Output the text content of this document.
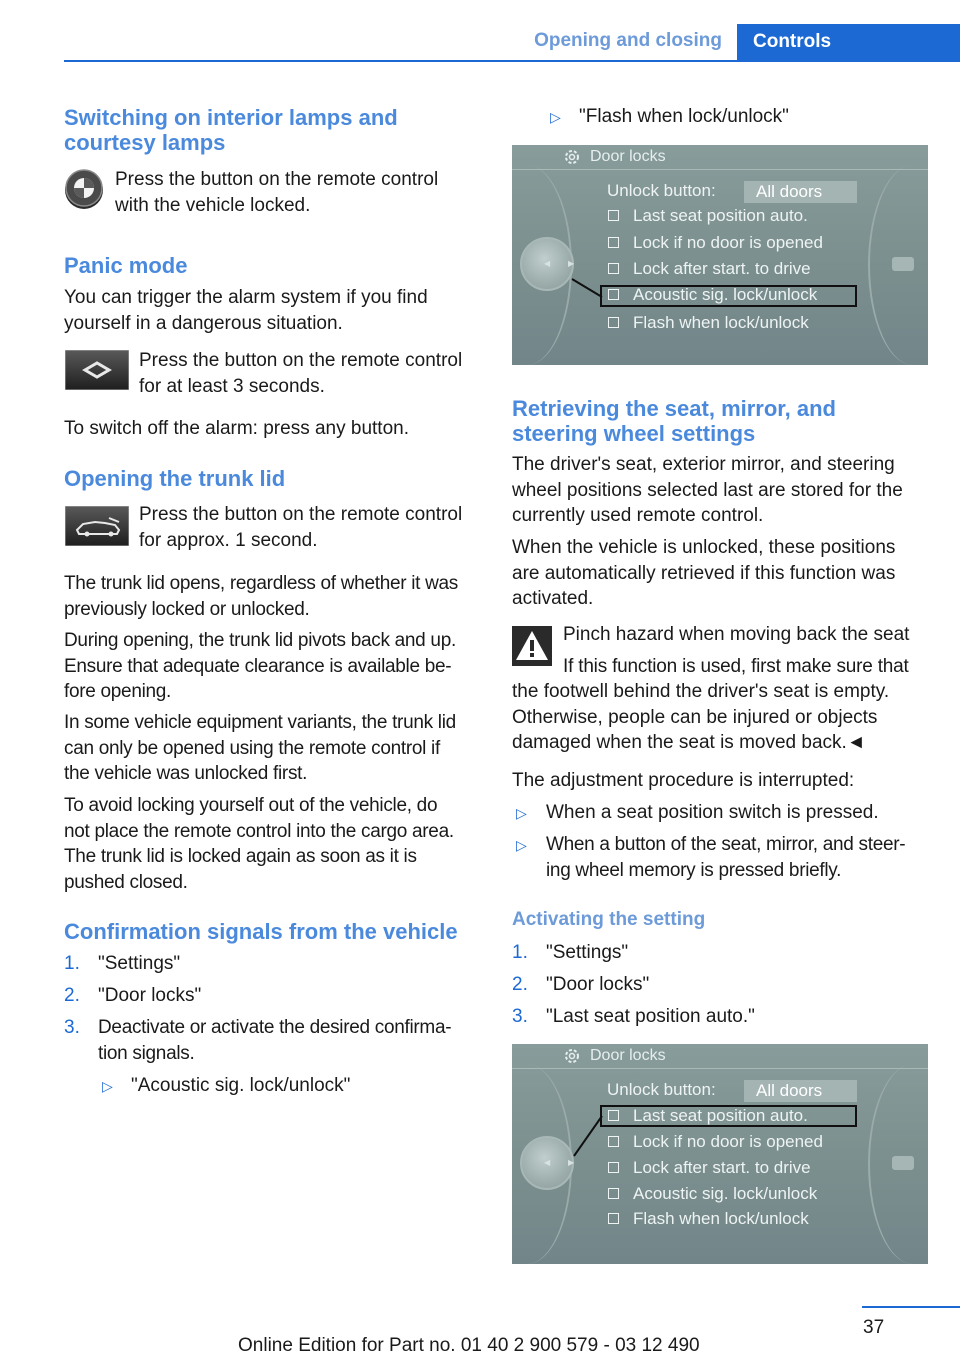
Opening and closing	Controls
Switching on interior lamps and
courtesy lamps
Press the button on the remote control
with the vehicle locked.
Panic mode
You can trigger the alarm system if you find
yourself in a dangerous situation.
Press the button on the remote control
for at least 3 seconds.
To switch off the alarm: press any button.
Opening the trunk lid
Press the button on the remote control
for approx. 1 second.
The trunk lid opens, regardless of whether it was
previously locked or unlocked.
During opening, the trunk lid pivots back and up.
Ensure that adequate clearance is available be-
fore opening.
In some vehicle equipment variants, the trunk lid
can only be opened using the remote control if
the vehicle was unlocked first.
To avoid locking yourself out of the vehicle, do
not place the remote control into the cargo area.
The trunk lid is locked again as soon as it is
pushed closed.
Confirmation signals from the vehicle
1. "Settings"
2. "Door locks"
3. Deactivate or activate the desired confirma-
tion signals.
▷ "Acoustic sig. lock/unlock"
▷ "Flash when lock/unlock"
Door locks
Unlock button:	All doors
Last seat position auto.
Lock if no door is opened
Lock after start. to drive
Acoustic sig. lock/unlock
Flash when lock/unlock
◀ ▶
Retrieving the seat, mirror, and
steering wheel settings
The driver's seat, exterior mirror, and steering
wheel positions selected last are stored for the
currently used remote control.
When the vehicle is unlocked, these positions
are automatically retrieved if this function was
activated.
Pinch hazard when moving back the seat
If this function is used, first make sure that
the footwell behind the driver's seat is empty.
Otherwise, people can be injured or objects
damaged when the seat is moved back.◄
The adjustment procedure is interrupted:
▷ When a seat position switch is pressed.
▷ When a button of the seat, mirror, and steer-
ing wheel memory is pressed briefly.
Activating the setting
1. "Settings"
2. "Door locks"
3. "Last seat position auto."
Door locks
Unlock button:	All doors
Last seat position auto.
Lock if no door is opened
Lock after start. to drive
Acoustic sig. lock/unlock
Flash when lock/unlock
◀ ▶
37
Online Edition for Part no. 01 40 2 900 579 - 03 12 490
